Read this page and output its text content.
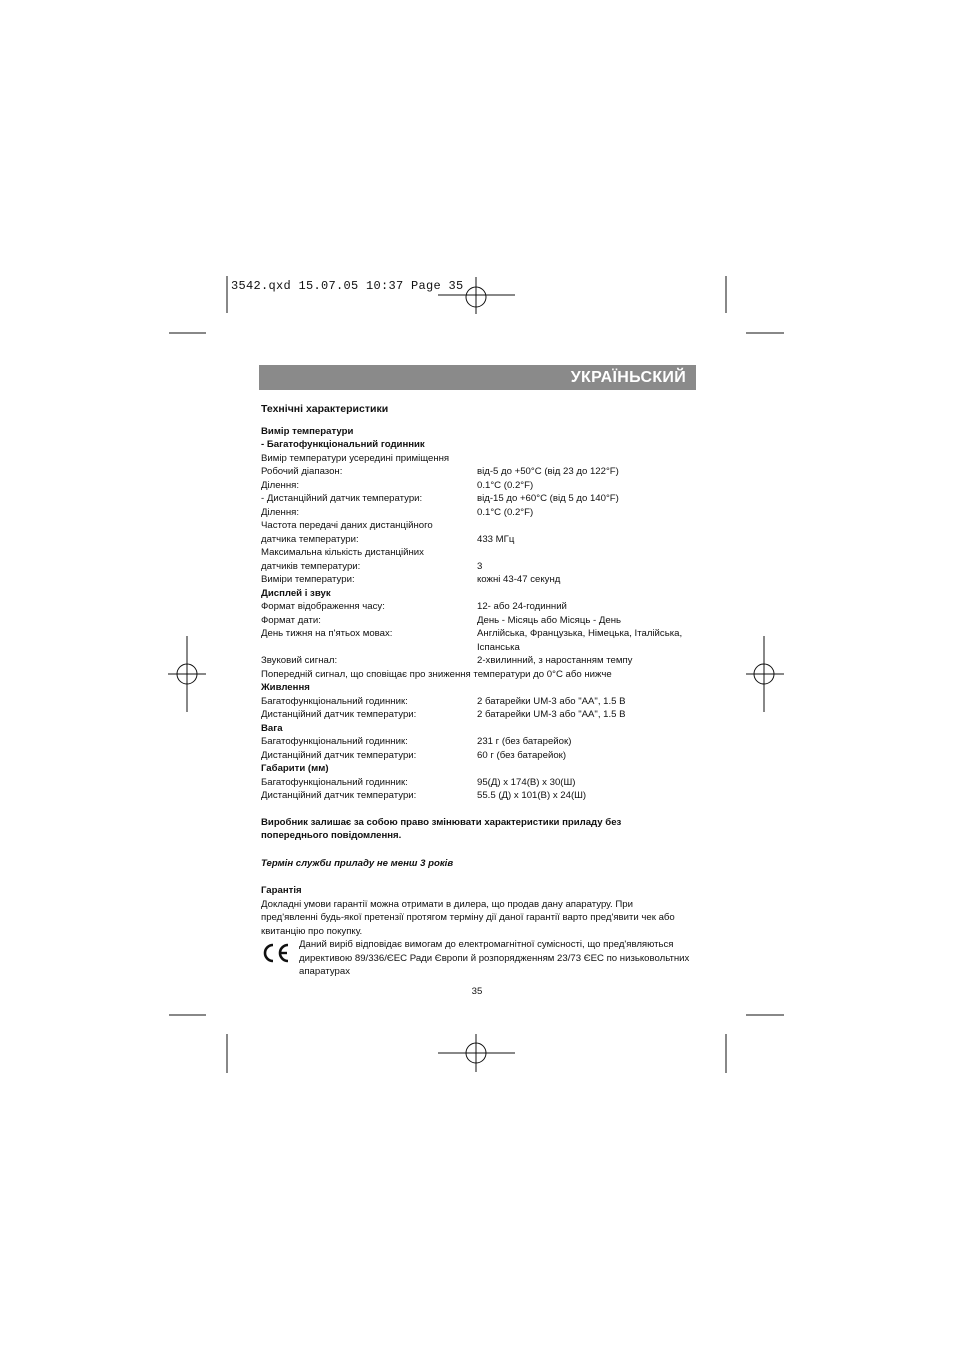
3542.qxd 15.07.05 10:37 Page 35
УКРАЇНЬСКИЙ
Технічні характеристики
Вимір температури
- Багатофункціональний годинник
Вимір температури усередині приміщення
Робочий діапазон:	від-5 до +50°С (від 23 до 122°F)
Ділення:	0.1°С (0.2°F)
- Дистанційний датчик температури:	від-15 до +60°С (від 5 до 140°F)
Ділення:	0.1°С (0.2°F)
Частота передачі даних дистанційного
датчика температури:	433 МГц
Максимальна кількість дистанційних
датчиків температури:	3
Виміри температури:	кожні 43-47 секунд
Дисплей і звук
Формат відображення часу:	12- або 24-годинний
Формат дати:	День - Місяць або Місяць - День
День тижня на п'ятьох мовах:	Англійська, Французька, Німецька, Італійська, Іспанська
Звуковий сигнал:	2-хвилинний, з наростанням темпу
Попередній сигнал, що сповіщає про зниження температури до 0°С або нижче
Живлення
Багатофункціональний годинник:	2 батарейки UM-3 або "AA", 1.5 В
Дистанційний датчик температури:	2 батарейки UM-3 або "AA", 1.5 В
Вага
Багатофункціональний годинник:	231 г (без батарейок)
Дистанційний датчик температури:	60 г (без батарейок)
Габарити (мм)
Багатофункціональний годинник:	95(Д) х 174(В) х 30(Ш)
Дистанційний датчик температури:	55.5 (Д) х 101(В) х 24(Ш)
Виробник залишає за собою право змінювати характеристики приладу без попереднього повідомлення.
Термін служби приладу не менш 3 років
Гарантія
Докладні умови гарантії можна отримати в дилера, що продав дану апаратуру. При пред'явленні будь-якої претензії протягом терміну дії даної гарантії варто пред'явити чек або квитанцію про покупку.
Даний виріб відповідає вимогам до електромагнітної сумісності, що пред'являються директивою 89/336/ЄЕС Ради Європи й розпорядженням 23/73 ЄЕС по низьковольтних апаратурах
35
